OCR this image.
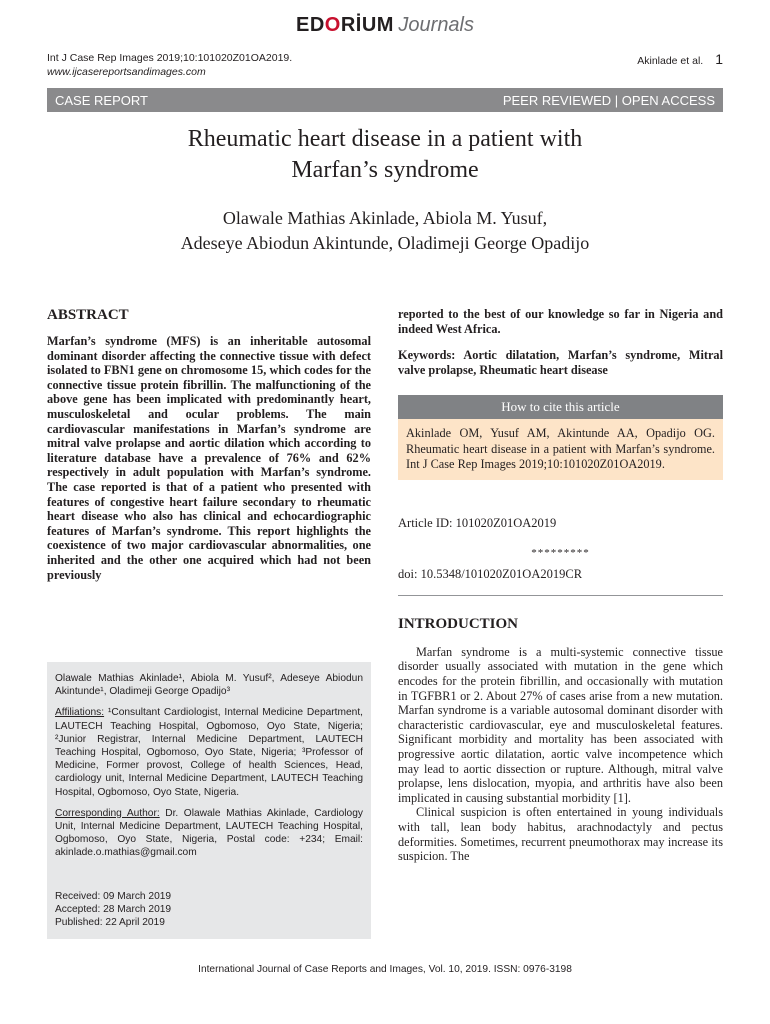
EDORİUM Journals
Int J Case Rep Images 2019;10:101020Z01OA2019.
www.ijcasereportsandimages.com
Akinlade et al. 1
CASE REPORT	PEER REVIEWED | OPEN ACCESS
Rheumatic heart disease in a patient with
Marfan’s syndrome
Olawale Mathias Akinlade, Abiola M. Yusuf,
Adeseye Abiodun Akintunde, Oladimeji George Opadijo
ABSTRACT

Marfan’s syndrome (MFS) is an inheritable autosomal dominant disorder affecting the connective tissue with defect isolated to FBN1 gene on chromosome 15, which codes for the connective tissue protein fibrillin. The malfunctioning of the above gene has been implicated with predominantly heart, musculoskeletal and ocular problems. The main cardiovascular manifestations in Marfan’s syndrome are mitral valve prolapse and aortic dilation which according to literature database have a prevalence of 76% and 62% respectively in adult population with Marfan’s syndrome. The case reported is that of a patient who presented with features of congestive heart failure secondary to rheumatic heart disease who also has clinical and echocardiographic features of Marfan’s syndrome. This report highlights the coexistence of two major cardiovascular abnormalities, one inherited and the other one acquired which had not been previously

Olawale Mathias Akinlade¹, Abiola M. Yusuf², Adeseye Abiodun Akintunde¹, Oladimeji George Opadijo³

Affiliations: ¹Consultant Cardiologist, Internal Medicine Department, LAUTECH Teaching Hospital, Ogbomoso, Oyo State, Nigeria; ²Junior Registrar, Internal Medicine Department, LAUTECH Teaching Hospital, Ogbomoso, Oyo State, Nigeria; ³Professor of Medicine, Former provost, College of health Sciences, Head, cardiology unit, Internal Medicine Department, LAUTECH Teaching Hospital, Ogbomoso, Oyo State, Nigeria.

Corresponding Author: Dr. Olawale Mathias Akinlade, Cardiology Unit, Internal Medicine Department, LAUTECH Teaching Hospital, Ogbomoso, Oyo State, Nigeria, Postal code: +234; Email: akinlade.o.mathias@gmail.com

Received: 09 March 2019
Accepted: 28 March 2019
Published: 22 April 2019

reported to the best of our knowledge so far in Nigeria and indeed West Africa.

Keywords: Aortic dilatation, Marfan’s syndrome, Mitral valve prolapse, Rheumatic heart disease

How to cite this article
Akinlade OM, Yusuf AM, Akintunde AA, Opadijo OG. Rheumatic heart disease in a patient with Marfan’s syndrome. Int J Case Rep Images 2019;10:101020Z01OA2019.
Article ID: 101020Z01OA2019
*********
doi: 10.5348/101020Z01OA2019CR
INTRODUCTION

Marfan syndrome is a multi-systemic connective tissue disorder usually associated with mutation in the gene which encodes for the protein fibrillin, and occasionally with mutation in TGFBR1 or 2. About 27% of cases arise from a new mutation. Marfan syndrome is a variable autosomal dominant disorder with characteristic cardiovascular, eye and musculoskeletal features. Significant morbidity and mortality has been associated with progressive aortic dilatation, aortic valve incompetence which may lead to aortic dissection or rupture. Although, mitral valve prolapse, lens dislocation, myopia, and arthritis have also been implicated in causing substantial morbidity [1].

Clinical suspicion is often entertained in young individuals with tall, lean body habitus, arachnodactyly and pectus deformities. Sometimes, recurrent pneumothorax may increase its suspicion. The

International Journal of Case Reports and Images, Vol. 10, 2019. ISSN: 0976-3198
